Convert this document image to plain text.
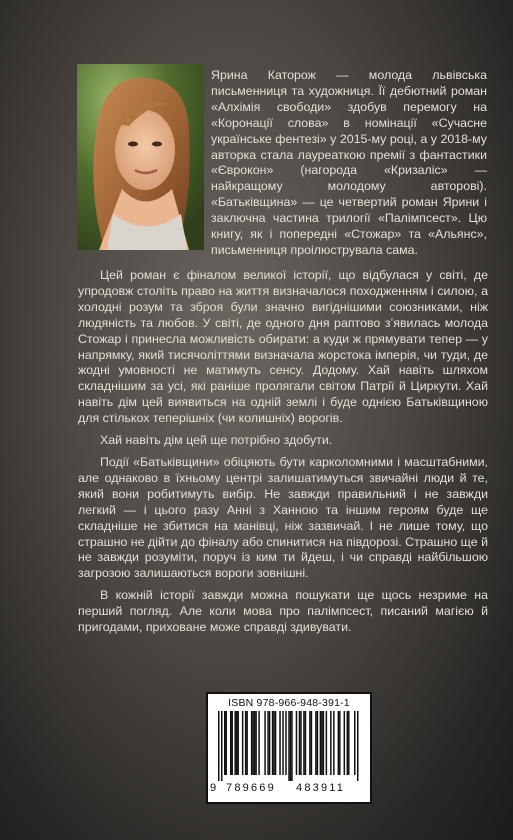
Ярина Каторож — молода львівська письменниця та художниця. Її дебютний роман «Алхімія свободи» здобув перемогу на «Коронації слова» в номінації «Сучасне українське фентезі» у 2015-му році, а у 2018-му авторка стала лауреаткою премії з фантастики «Єврокон» (нагорода «Кризаліс» — найкращому молодому авторові). «Батьківщина» — це четвертий роман Ярини і заключна частина трилогії «Палімпсест». Цю книгу, як і попередні «Стожар» та «Альянс», письменниця проілюструвала сама.

Цей роман є фіналом великої історії, що відбулася у світі, де упродовж століть право на життя визначалося походженням і силою, а холодні розум та зброя були значно вигіднішими союзниками, ніж людяність та любов. У світі, де одного дня раптово з’явилась молода Стожар і принесла можливість обирати: а куди ж прямувати тепер — у напрямку, який тисячоліттями визначала жорстока імперія, чи туди, де жодні умовності не матимуть сенсу. Додому. Хай навіть шляхом складнішим за усі, які раніше пролягали світом Патрії й Циркути. Хай навіть дім цей виявиться на одній землі і буде однією Батьківщиною для стількох теперішніх (чи колишніх) ворогів.

Хай навіть дім цей ще потрібно здобути.

Події «Батьківщини» обіцяють бути карколомними і масштабними, але однаково в їхньому центрі залишатимуться звичайні люди й те, який вони робитимуть вибір. Не завжди правильний і не завжди легкий — і цього разу Анні з Ханною та іншим героям буде ще складніше не збитися на манівці, ніж зазвичай. І не лише тому, що страшно не дійти до фіналу або спинитися на півдорозі. Страшно ще й не завжди розуміти, поруч із ким ти йдеш, і чи справді найбільшою загрозою залишаються вороги зовнішні.

В кожній історії завжди можна пошукати ще щось незриме на перший погляд. Але коли мова про палімпсест, писаний магією й пригодами, приховане може справді здивувати.

ISBN 978-966-948-391-1
9 789669 483911
